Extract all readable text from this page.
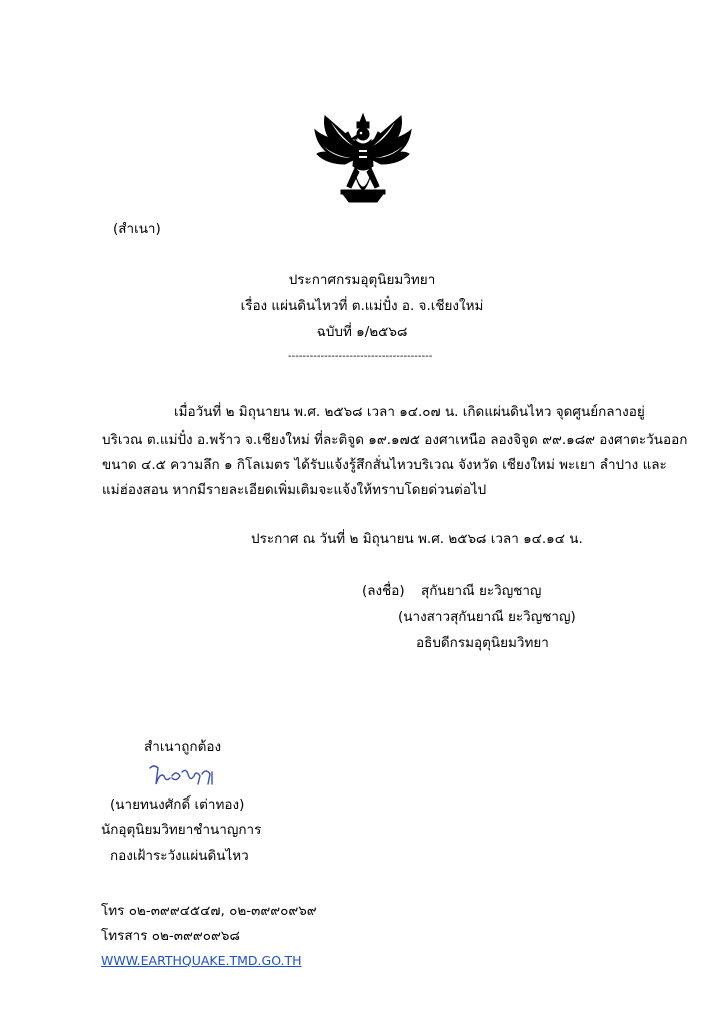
(สำเนา)
ประกาศกรมอุตุนิยมวิทยา
เรื่อง แผ่นดินไหวที่ ต.แม่ปั๋ง อ. จ.เชียงใหม่
ฉบับที่ ๑/๒๕๖๘
----------------------------------------
เมื่อวันที่ ๒ มิถุนายน พ.ศ. ๒๕๖๘ เวลา ๑๔.๐๗ น. เกิดแผ่นดินไหว จุดศูนย์กลางอยู่
บริเวณ ต.แม่ปั๋ง อ.พร้าว จ.เชียงใหม่ ที่ละติจูด ๑๙.๑๗๕ องศาเหนือ ลองจิจูด ๙๙.๑๘๙ องศาตะวันออก
ขนาด ๔.๕ ความลึก ๑ กิโลเมตร ได้รับแจ้งรู้สึกสั่นไหวบริเวณ จังหวัด เชียงใหม่ พะเยา ลำปาง และ
แม่ฮ่องสอน หากมีรายละเอียดเพิ่มเติมจะแจ้งให้ทราบโดยด่วนต่อไป
ประกาศ ณ วันที่ ๒ มิถุนายน พ.ศ. ๒๕๖๘ เวลา ๑๔.๑๔ น.
(ลงชื่อ) สุกันยาณี ยะวิญชาญ
(นางสาวสุกันยาณี ยะวิญชาญ)
อธิบดีกรมอุตุนิยมวิทยา
สำเนาถูกต้อง
(นายทนงศักดิ์ เต่าทอง)
นักอุตุนิยมวิทยาชำนาญการ
กองเฝ้าระวังแผ่นดินไหว
โทร ๐๒-๓๙๙๔๕๔๗, ๐๒-๓๙๙๐๙๖๙
โทรสาร ๐๒-๓๙๙๐๙๖๘
WWW.EARTHQUAKE.TMD.GO.TH
